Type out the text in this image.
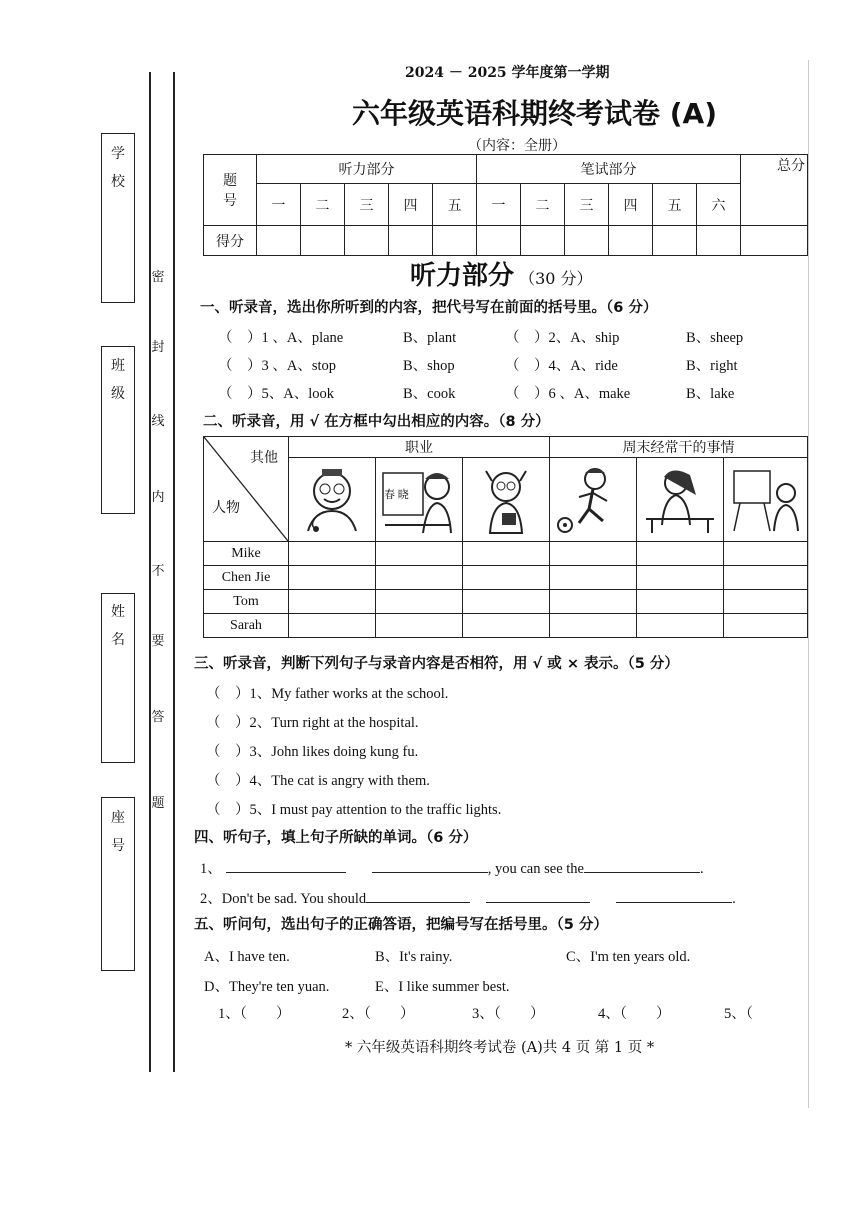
学
校
班
级
姓
名
座
号
密
封
线
内
不
要
答
题
2024 － 2025 学年度第一学期
六年级英语科期终考试卷 (A)
（内容：全册）
题
号	听力部分					笔试部分						总分
	一	二	三	四	五	一	二	三	四	五	六	
得分												
听力部分 （30 分）
一、听录音，选出你所听到的内容，把代号写在前面的括号里。（6 分）
（　）1 、A、plane	B、plant	（　）2、A、ship	B、sheep
（　）3 、A、stop	B、shop	（　）4、A、ride	B、right
（　）5、A、look	B、cook	（　）6 、A、make	B、lake
二、听录音，用 √ 在方框中勾出相应的内容。（8 分）
其他
人物	职业			周末经常干的事情		

春 晓

Mike						
Chen Jie						
Tom						
Sarah						
三、听录音，判断下列句子与录音内容是否相符，用 √ 或 × 表示。（5 分）
（　）1、My father works at the school.
（　）2、Turn right at the hospital.
（　）3、John likes doing kung fu.
（　）4、The cat is angry with them.
（　）5、I must pay attention to the traffic lights.
四、听句子，填上句子所缺的单词。（6 分）
1、	, you can see the	.
2、Don't be sad. You should	.
五、听问句，选出句子的正确答语，把编号写在括号里。（5 分）
A、I have ten.	B、It's rainy.	C、I'm ten years old.
D、They're ten yuan.	E、I like summer best.
1、（　　）	2、（　　）	3、（　　）	4、（　　）	5、（
* 六年级英语科期终考试卷 (A)共 4 页 第 1 页 *
